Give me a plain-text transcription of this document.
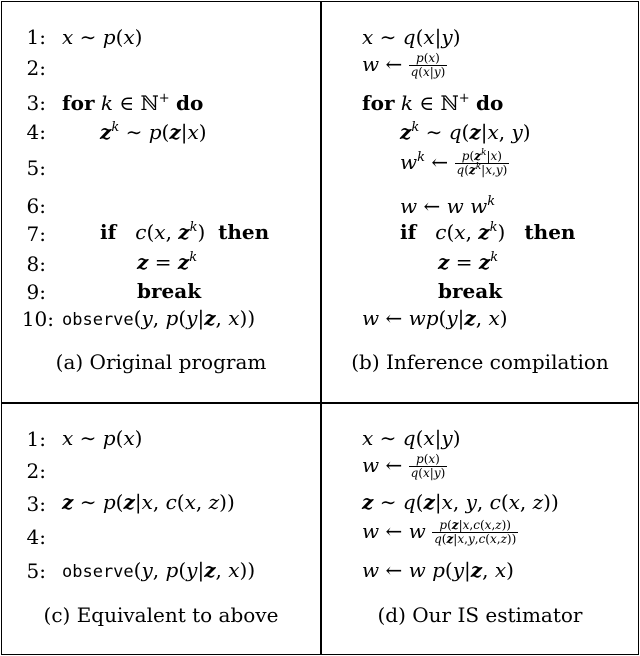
1: x ∼ p(x)
2:
3: for k ∈ ℕ+ do
4:	$z^k$ ∼ p(z|x)
5:
6:
7:	if c(x, $z^k$)  then
8:	$z = z^k$
9:	break
10: observe(y, p(y|z, x))
(a) Original program
x ∼ q(x|y)
w ← $\frac{p(x)}{q(x|y)}$
for k ∈ ℕ+ do
$z^k$ ∼ q(z|x, y)
$w^k$ ← $\frac{p(z^k|x)}{q(z^k|x,y)}$
w ← w $w^k$
if c(x, $z^k$)   then
$z = z^k$
break
w ← wp(y|z, x)
(b) Inference compilation
1: x ∼ p(x)
2:
3: z ∼ p(z|x, c(x, z))
4:
5: observe(y, p(y|z, x))
(c) Equivalent to above
x ∼ q(x|y)
w ← $\frac{p(x)}{q(x|y)}$
z ∼ q(z|x, y, c(x, z))
w ← w $\frac{p(z|x,c(x,z))}{q(z|x,y,c(x,z))}$
w ← w p(y|z, x)
(d) Our IS estimator
